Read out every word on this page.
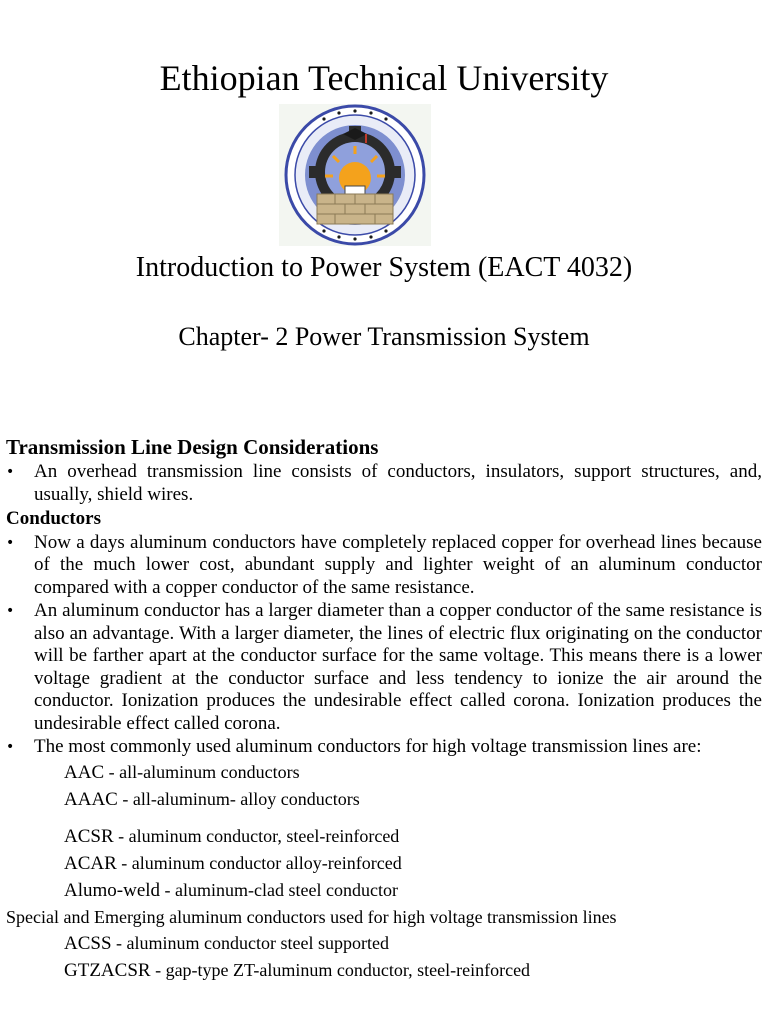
Ethiopian Technical University
Introduction to Power System (EACT 4032)
Chapter- 2 Power Transmission System
Transmission Line Design Considerations
•	An overhead transmission line consists of conductors, insulators, support structures, and, usually, shield wires.
Conductors
•	Now a days aluminum conductors have completely replaced copper for overhead lines because of the much lower cost, abundant supply and lighter weight of an aluminum conductor compared with a copper conductor of the same resistance.
•	An aluminum conductor has a larger diameter than a copper conductor of the same resistance is also an advantage. With a larger diameter, the lines of electric flux originating on the conductor will be farther apart at the conductor surface for the same voltage. This means there is a lower voltage gradient at the conductor surface and less tendency to ionize the air around the conductor. Ionization produces the undesirable effect called corona. Ionization produces the undesirable effect called corona.
•	The most commonly used aluminum conductors for high voltage transmission lines are:
AAC - all-aluminum conductors
AAAC - all-aluminum- alloy conductors
ACSR - aluminum conductor, steel-reinforced
ACAR - aluminum conductor alloy-reinforced
Alumo-weld - aluminum-clad steel conductor
Special and Emerging aluminum conductors used for high voltage transmission lines
ACSS - aluminum conductor steel supported
GTZACSR - gap-type ZT-aluminum conductor, steel-reinforced
